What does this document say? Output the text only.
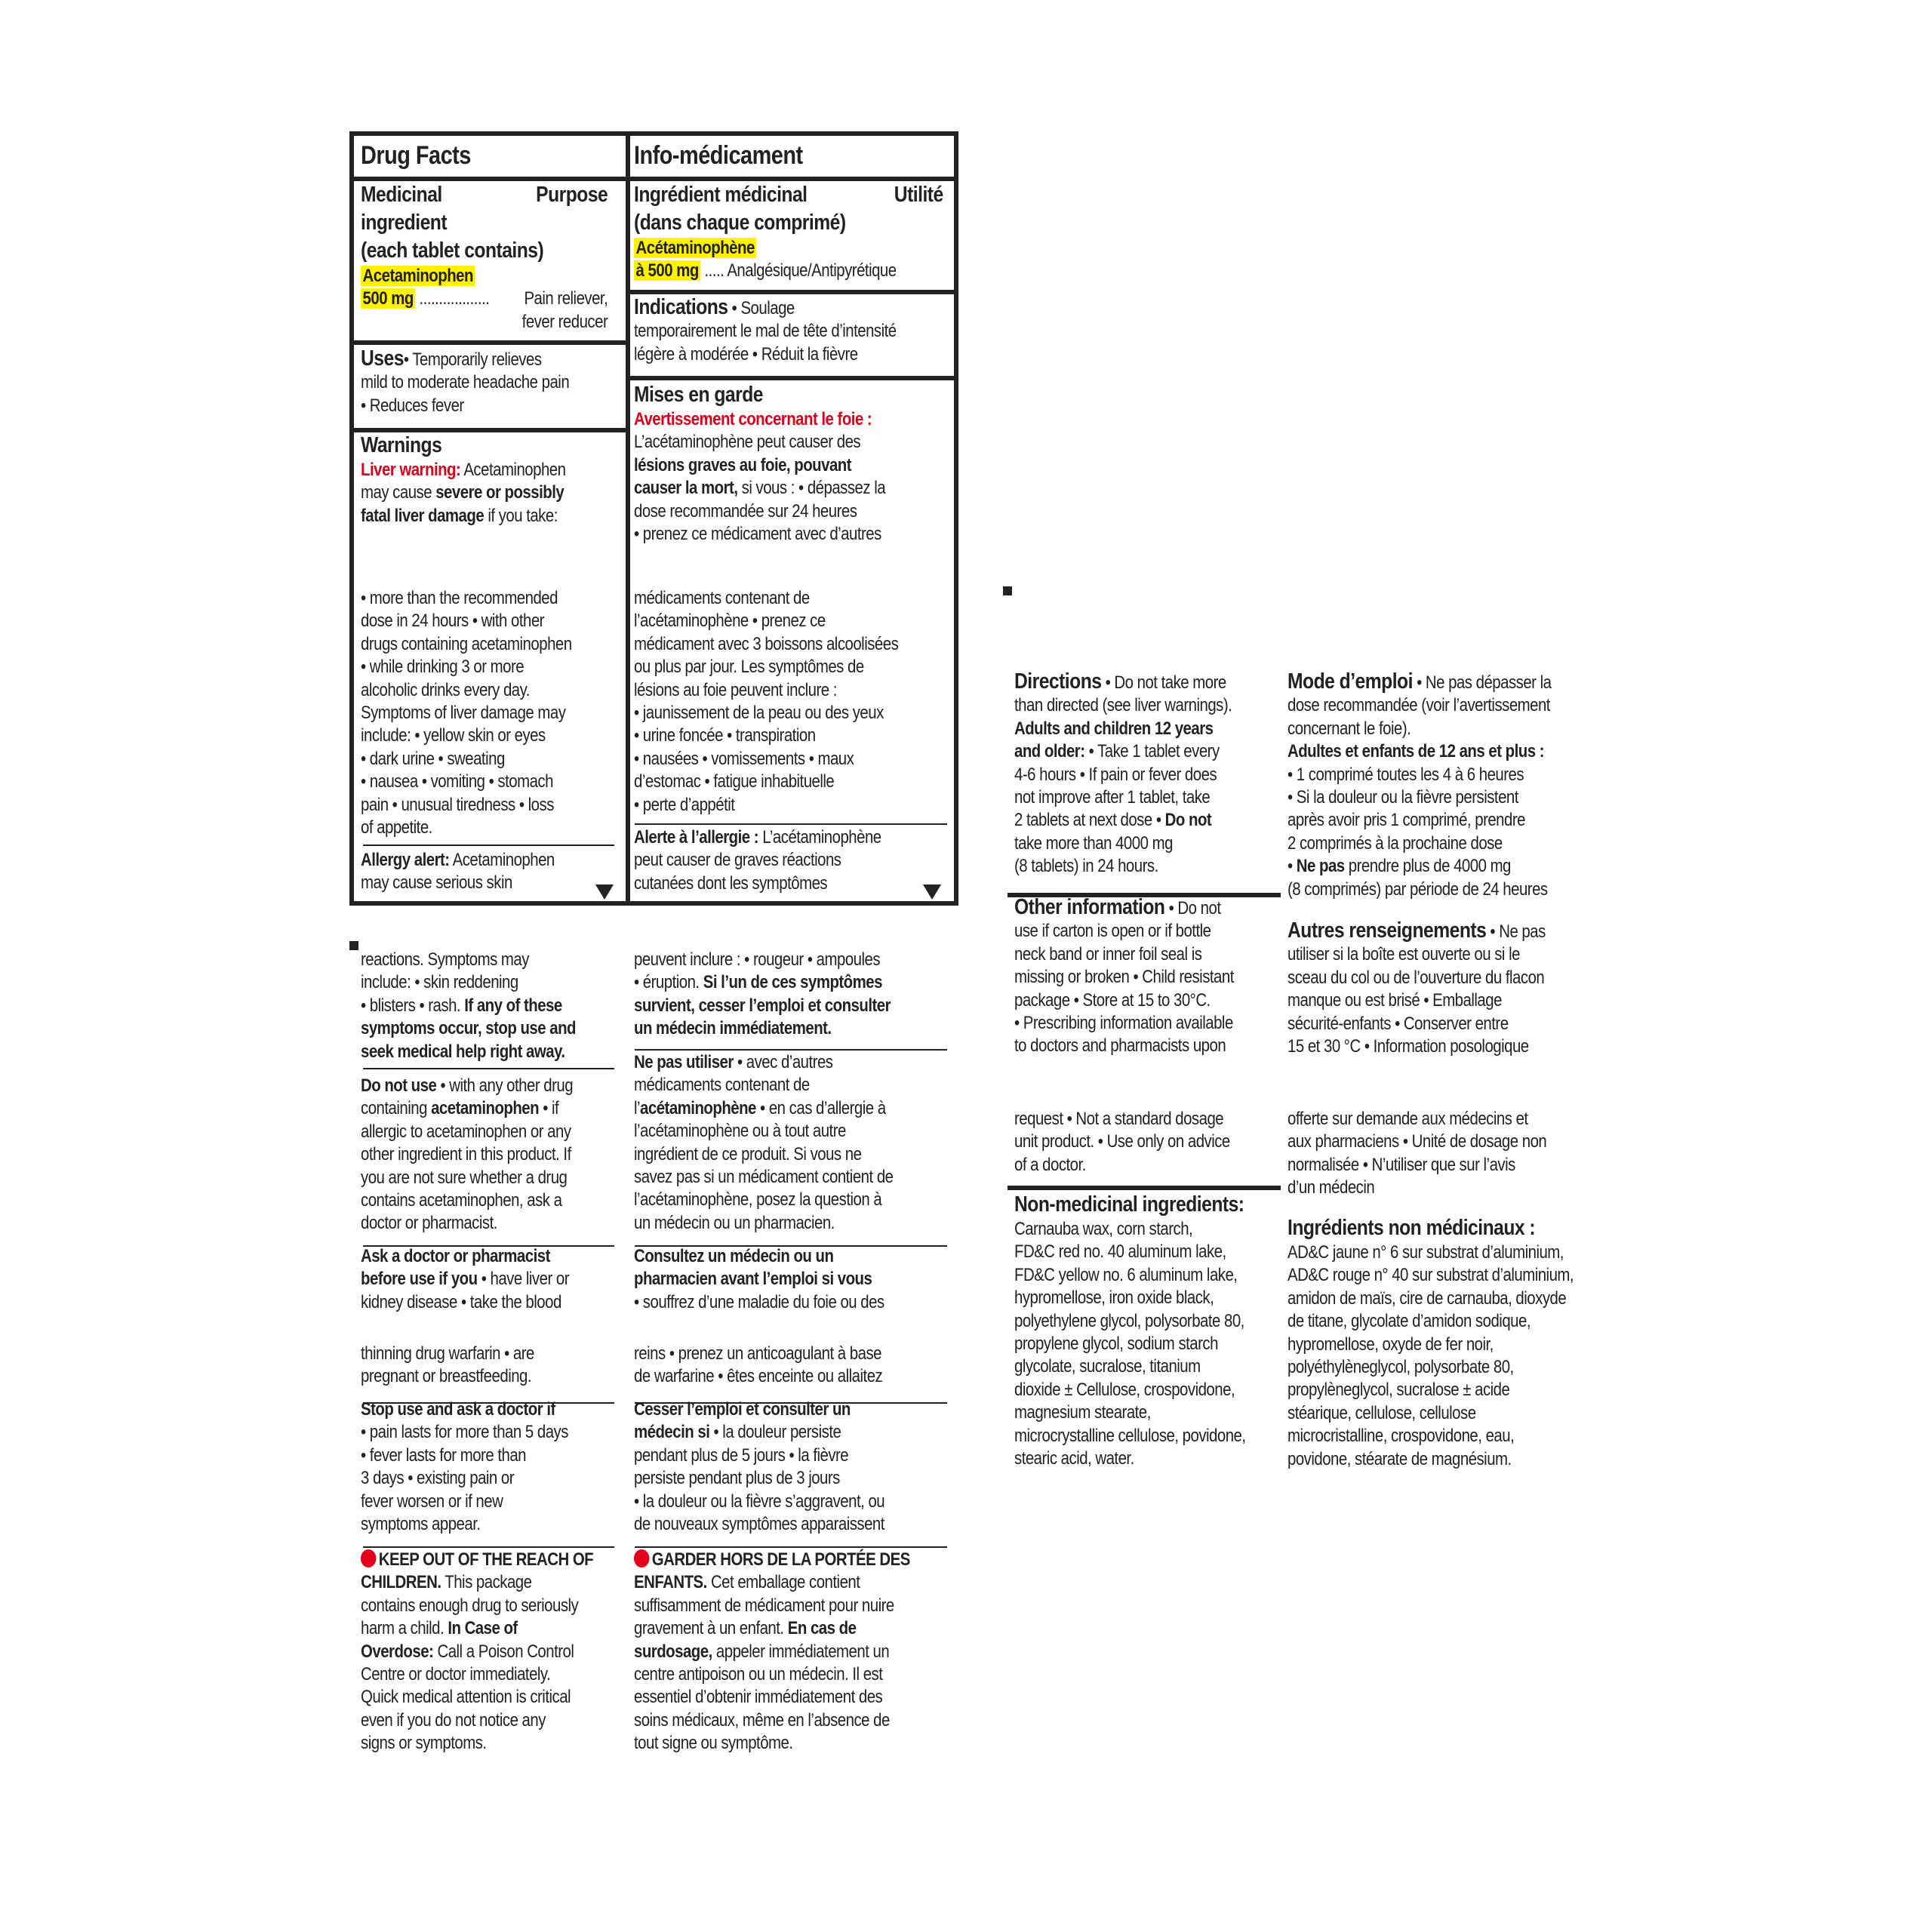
Drug Facts

Medicinal	Purpose

ingredient

(each tablet contains)

Acetaminophen

500 mg .................. Pain reliever,

fever reducer

Uses• Temporarily relieves

mild to moderate headache pain

• Reduces fever

Warnings

Liver warning: Acetaminophen

may cause severe or possibly

fatal liver damage if you take:

• more than the recommended

dose in 24 hours • with other

drugs containing acetaminophen

• while drinking 3 or more

alcoholic drinks every day.

Symptoms of liver damage may

include: • yellow skin or eyes

• dark urine • sweating

• nausea • vomiting • stomach

pain • unusual tiredness • loss

of appetite.

Allergy alert: Acetaminophen

may cause serious skin

Info-médicament

Ingrédient médicinal	Utilité

(dans chaque comprimé)

Acétaminophène

à 500 mg ..... Analgésique/Antipyrétique

Indications • Soulage

temporairement le mal de tête d’intensité

légère à modérée • Réduit la fièvre

Mises en garde

Avertissement concernant le foie :

L’acétaminophène peut causer des

lésions graves au foie, pouvant

causer la mort, si vous : • dépassez la

dose recommandée sur 24 heures

• prenez ce médicament avec d’autres

médicaments contenant de

l’acétaminophène • prenez ce

médicament avec 3 boissons alcoolisées

ou plus par jour. Les symptômes de

lésions au foie peuvent inclure :

• jaunissement de la peau ou des yeux

• urine foncée • transpiration

• nausées • vomissements • maux

d’estomac • fatigue inhabituelle

• perte d’appétit

Alerte à l’allergie : L’acétaminophène

peut causer de graves réactions

cutanées dont les symptômes

reactions. Symptoms may

include: • skin reddening

• blisters • rash. If any of these

symptoms occur, stop use and

seek medical help right away.

Do not use • with any other drug

containing acetaminophen • if

allergic to acetaminophen or any

other ingredient in this product. If

you are not sure whether a drug

contains acetaminophen, ask a

doctor or pharmacist.

Ask a doctor or pharmacist

before use if you • have liver or

kidney disease • take the blood

thinning drug warfarin • are

pregnant or breastfeeding.

Stop use and ask a doctor if

• pain lasts for more than 5 days

• fever lasts for more than

3 days • existing pain or

fever worsen or if new

symptoms appear.

KEEP OUT OF THE REACH OF

CHILDREN. This package

contains enough drug to seriously

harm a child. In Case of

Overdose: Call a Poison Control

Centre or doctor immediately.

Quick medical attention is critical

even if you do not notice any

signs or symptoms.

peuvent inclure : • rougeur • ampoules

• éruption. Si l’un de ces symptômes

survient, cesser l’emploi et consulter

un médecin immédiatement.

Ne pas utiliser • avec d’autres

médicaments contenant de

l’acétaminophène • en cas d’allergie à

l’acétaminophène ou à tout autre

ingrédient de ce produit. Si vous ne

savez pas si un médicament contient de

l’acétaminophène, posez la question à

un médecin ou un pharmacien.

Consultez un médecin ou un

pharmacien avant l’emploi si vous

• souffrez d’une maladie du foie ou des

reins • prenez un anticoagulant à base

de warfarine • êtes enceinte ou allaitez

Cesser l’emploi et consulter un

médecin si • la douleur persiste

pendant plus de 5 jours • la fièvre

persiste pendant plus de 3 jours

• la douleur ou la fièvre s’aggravent, ou

de nouveaux symptômes apparaissent

GARDER HORS DE LA PORTÉE DES

ENFANTS. Cet emballage contient

suffisamment de médicament pour nuire

gravement à un enfant. En cas de

surdosage, appeler immédiatement un

centre antipoison ou un médecin. Il est

essentiel d’obtenir immédiatement des

soins médicaux, même en l’absence de

tout signe ou symptôme.

Directions • Do not take more

than directed (see liver warnings).

Adults and children 12 years

and older: • Take 1 tablet every

4-6 hours • If pain or fever does

not improve after 1 tablet, take

2 tablets at next dose • Do not

take more than 4000 mg

(8 tablets) in 24 hours.

Other information • Do not

use if carton is open or if bottle

neck band or inner foil seal is

missing or broken • Child resistant

package • Store at 15 to 30°C.

• Prescribing information available

to doctors and pharmacists upon

request • Not a standard dosage

unit product. • Use only on advice

of a doctor.

Non-medicinal ingredients:

Carnauba wax, corn starch,

FD&C red no. 40 aluminum lake,

FD&C yellow no. 6 aluminum lake,

hypromellose, iron oxide black,

polyethylene glycol, polysorbate 80,

propylene glycol, sodium starch

glycolate, sucralose, titanium

dioxide ± Cellulose, crospovidone,

magnesium stearate,

microcrystalline cellulose, povidone,

stearic acid, water.

Mode d’emploi • Ne pas dépasser la

dose recommandée (voir l’avertissement

concernant le foie).

Adultes et enfants de 12 ans et plus :

• 1 comprimé toutes les 4 à 6 heures

• Si la douleur ou la fièvre persistent

après avoir pris 1 comprimé, prendre

2 comprimés à la prochaine dose

• Ne pas prendre plus de 4000 mg

(8 comprimés) par période de 24 heures

Autres renseignements • Ne pas

utiliser si la boîte est ouverte ou si le

sceau du col ou de l’ouverture du flacon

manque ou est brisé • Emballage

sécurité-enfants • Conserver entre

15 et 30 °C • Information posologique

offerte sur demande aux médecins et

aux pharmaciens • Unité de dosage non

normalisée • N’utiliser que sur l’avis

d’un médecin

Ingrédients non médicinaux :

AD&C jaune n° 6 sur substrat d’aluminium,

AD&C rouge n° 40 sur substrat d’aluminium,

amidon de maïs, cire de carnauba, dioxyde

de titane, glycolate d’amidon sodique,

hypromellose, oxyde de fer noir,

polyéthylèneglycol, polysorbate 80,

propylèneglycol, sucralose ± acide

stéarique, cellulose, cellulose

microcristalline, crospovidone, eau,

povidone, stéarate de magnésium.
